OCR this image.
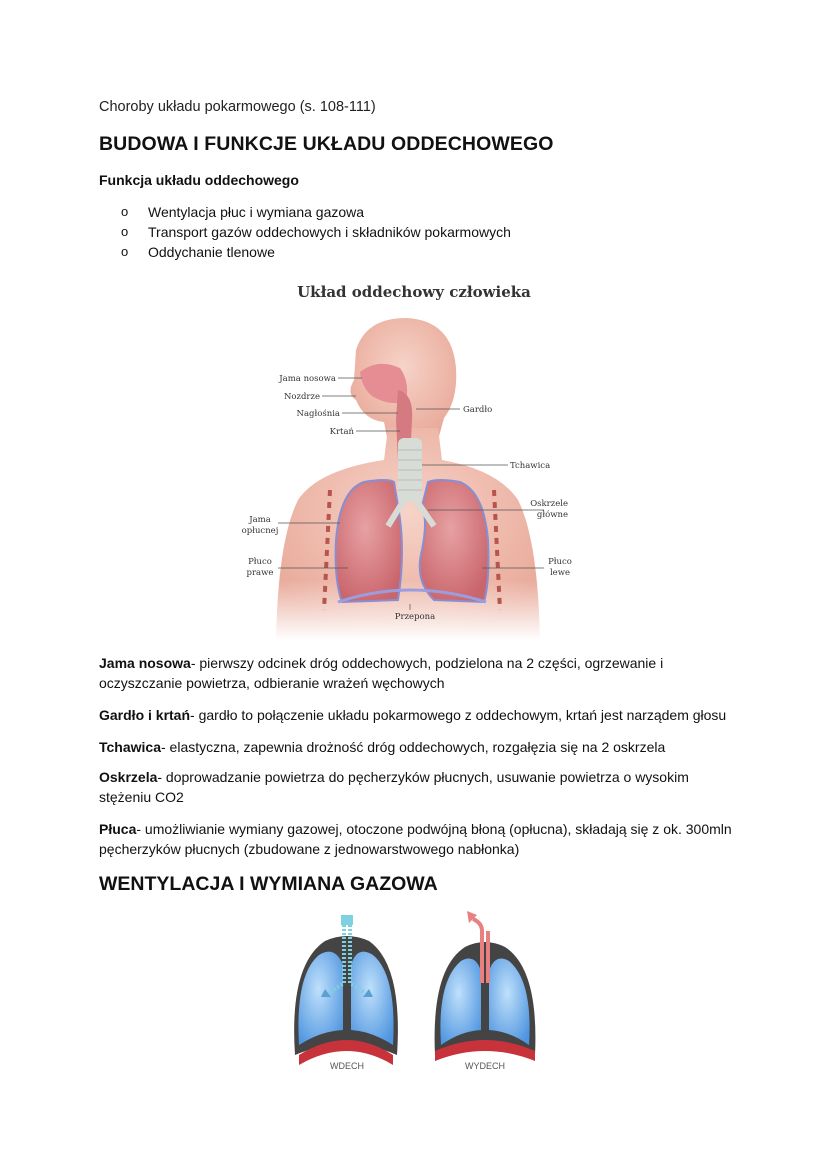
Choroby układu pokarmowego (s. 108-111)
BUDOWA I FUNKCJE UKŁADU ODDECHOWEGO
Funkcja układu oddechowego
o Wentylacja płuc i wymiana gazowa
o Transport gazów oddechowych i składników pokarmowych
o Oddychanie tlenowe
Układ oddechowy człowieka
Jama nosowa
Nozdrze
Nagłośnia
Krtań
Gardło
Tchawica
Oskrzele
główne
Jama
opłucnej
Płuco
prawe
Płuco
lewe
Przepona
Jama nosowa- pierwszy odcinek dróg oddechowych, podzielona na 2 części, ogrzewanie i oczyszczanie powietrza, odbieranie wrażeń węchowych
Gardło i krtań- gardło to połączenie układu pokarmowego z oddechowym, krtań jest narządem głosu
Tchawica- elastyczna, zapewnia drożność dróg oddechowych, rozgałęzia się na 2 oskrzela
Oskrzela- doprowadzanie powietrza do pęcherzyków płucnych, usuwanie powietrza o wysokim stężeniu CO2
Płuca- umożliwianie wymiany gazowej, otoczone podwójną błoną (opłucna), składają się z ok. 300mln pęcherzyków płucnych (zbudowane z jednowarstwowego nabłonka)
WENTYLACJA I WYMIANA GAZOWA
WDECH	WYDECH
